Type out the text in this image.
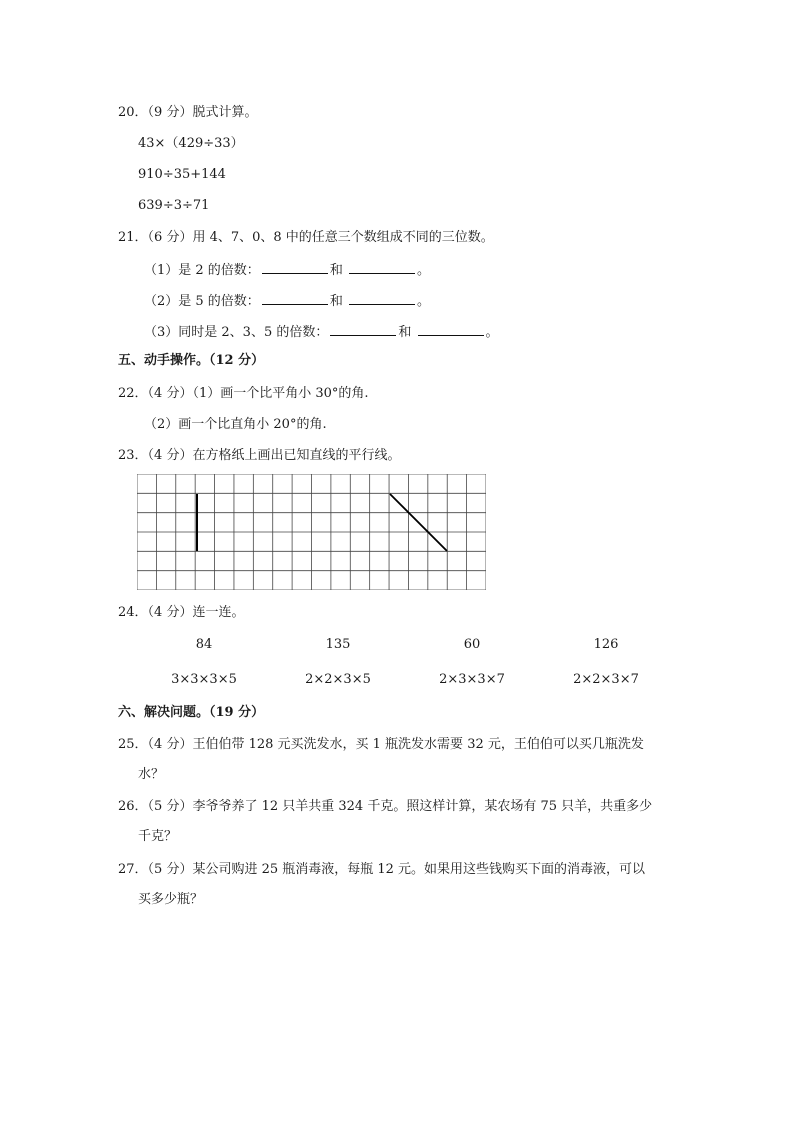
20．（9 分）脱式计算。
43×（429÷33）
910÷35+144
639÷3÷71
21．（6 分）用 4、7、0、8 中的任意三个数组成不同的三位数。
（1）是 2 的倍数：	和	。
（2）是 5 的倍数：	和	。
（3）同时是 2、3、5 的倍数：	和	。
五、动手操作。（12 分）
22．（4 分）（1）画一个比平角小 30°的角.
（2）画一个比直角小 20°的角.
23．（4 分）在方格纸上画出已知直线的平行线。
24．（4 分）连一连。
84	135	60	126
3×3×3×5	2×2×3×5	2×3×3×7	2×2×3×7
六、解决问题。（19 分）
25．（4 分）王伯伯带 128 元买洗发水，买 1 瓶洗发水需要 32 元，王伯伯可以买几瓶洗发
水？
26．（5 分）李爷爷养了 12 只羊共重 324 千克。照这样计算，某农场有 75 只羊，共重多少
千克？
27．（5 分）某公司购进 25 瓶消毒液，每瓶 12 元。如果用这些钱购买下面的消毒液，可以
买多少瓶？
